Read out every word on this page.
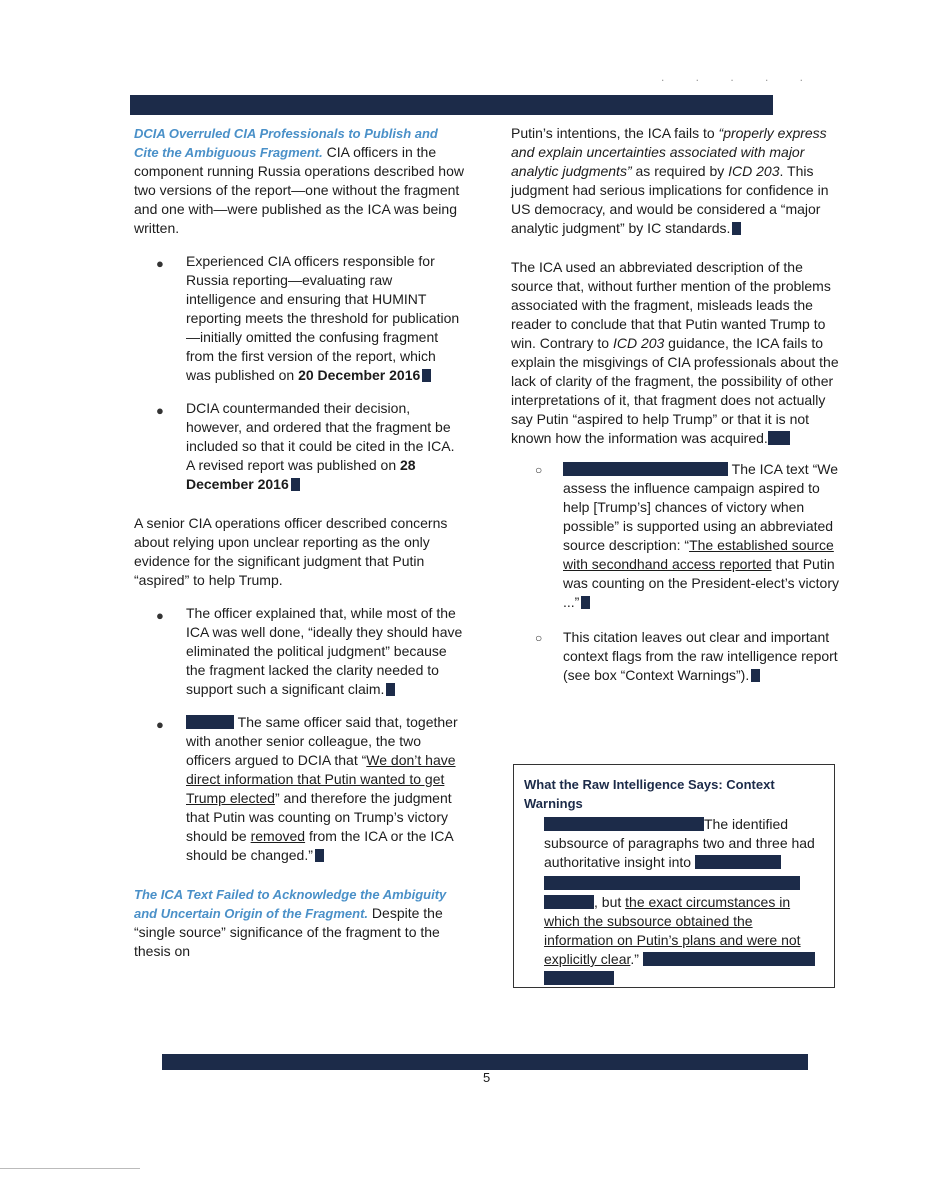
. . . . .

DCIA Overruled CIA Professionals to Publish and Cite the Ambiguous Fragment. CIA officers in the component running Russia operations described how two versions of the report—one without the fragment and one with—were published as the ICA was being written.

● Experienced CIA officers responsible for Russia reporting—evaluating raw intelligence and ensuring that HUMINT reporting meets the threshold for publication—initially omitted the confusing fragment from the first version of the report, which was published on 20 December 2016
● DCIA countermanded their decision, however, and ordered that the fragment be included so that it could be cited in the ICA. A revised report was published on 28 December 2016

A senior CIA operations officer described concerns about relying upon unclear reporting as the only evidence for the significant judgment that Putin “aspired” to help Trump.

● The officer explained that, while most of the ICA was well done, “ideally they should have eliminated the political judgment” because the fragment lacked the clarity needed to support such a significant claim.
●	The same officer said that, together with another senior colleague, the two officers argued to DCIA that “We don’t have direct information that Putin wanted to get Trump elected” and therefore the judgment that Putin was counting on Trump’s victory should be removed from the ICA or the ICA should be changed.”

The ICA Text Failed to Acknowledge the Ambiguity and Uncertain Origin of the Fragment. Despite the “single source” significance of the fragment to the thesis on

Putin’s intentions, the ICA fails to “properly express and explain uncertainties associated with major analytic judgments” as required by ICD 203. This judgment had serious implications for confidence in US democracy, and would be considered a “major analytic judgment” by IC standards.

The ICA used an abbreviated description of the source that, without further mention of the problems associated with the fragment, misleads leads the reader to conclude that that Putin wanted Trump to win. Contrary to ICD 203 guidance, the ICA fails to explain the misgivings of CIA professionals about the lack of clarity of the fragment, the possibility of other interpretations of it, that fragment does not actually say Putin “aspired to help Trump” or that it is not known how the information was acquired.

○	The ICA text “We assess the influence campaign aspired to help [Trump’s] chances of victory when possible” is supported using an abbreviated source description: “The established source with secondhand access reported that Putin was counting on the President-elect’s victory ...”
○ This citation leaves out clear and important context flags from the raw intelligence report (see box “Context Warnings”).
What the Raw Intelligence Says: Context Warnings
The identified subsource of paragraphs two and three had authoritative insight into   , but the exact circumstances in which the subsource obtained the information on Putin’s plans and were not explicitly clear.”
5
